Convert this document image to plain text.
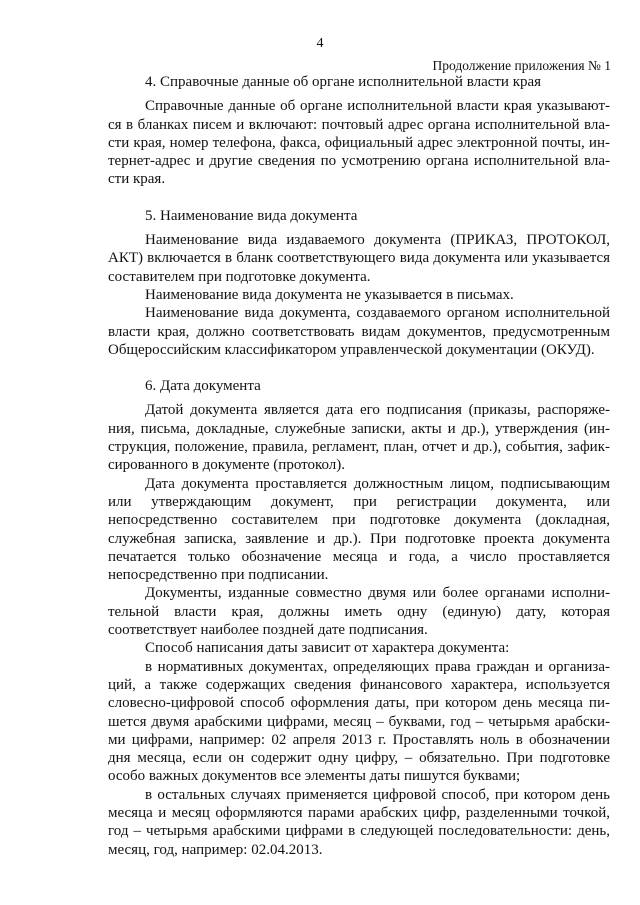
4
Продолжение приложения № 1
4. Справочные данные об органе исполнительной власти края

Справочные данные об органе исполнительной власти края указываются в бланках писем и включают: почтовый адрес органа исполнительной власти края, номер телефона, факса, официальный адрес электронной почты, интернет-адрес и другие сведения по усмотрению органа исполнительной власти края.

5. Наименование вида документа

Наименование вида издаваемого документа (ПРИКАЗ, ПРОТОКОЛ, АКТ) включается в бланк соответствующего вида документа или указывается составителем при подготовке документа.

Наименование вида документа не указывается в письмах.

Наименование вида документа, создаваемого органом исполнительной власти края, должно соответствовать видам документов, предусмотренным Общероссийским классификатором управленческой документации (ОКУД).

6. Дата документа

Датой документа является дата его подписания (приказы, распоряжения, письма, докладные, служебные записки, акты и др.), утверждения (инструкция, положение, правила, регламент, план, отчет и др.), события, зафиксированного в документе (протокол).

Дата документа проставляется должностным лицом, подписывающим или утверждающим документ, при регистрации документа, или непосредственно составителем при подготовке документа (докладная, служебная записка, заявление и др.). При подготовке проекта документа печатается только обозначение месяца и года, а число проставляется непосредственно при подписании.

Документы, изданные совместно двумя или более органами исполнительной власти края, должны иметь одну (единую) дату, которая соответствует наиболее поздней дате подписания.

Способ написания даты зависит от характера документа:

в нормативных документах, определяющих права граждан и организаций, а также содержащих сведения финансового характера, используется словесно-цифровой способ оформления даты, при котором день месяца пишется двумя арабскими цифрами, месяц – буквами, год – четырьмя арабскими цифрами, например: 02 апреля 2013 г. Проставлять ноль в обозначении дня месяца, если он содержит одну цифру, – обязательно. При подготовке особо важных документов все элементы даты пишутся буквами;

в остальных случаях применяется цифровой способ, при котором день месяца и месяц оформляются парами арабских цифр, разделенными точкой, год – четырьмя арабскими цифрами в следующей последовательности: день, месяц, год, например: 02.04.2013.
